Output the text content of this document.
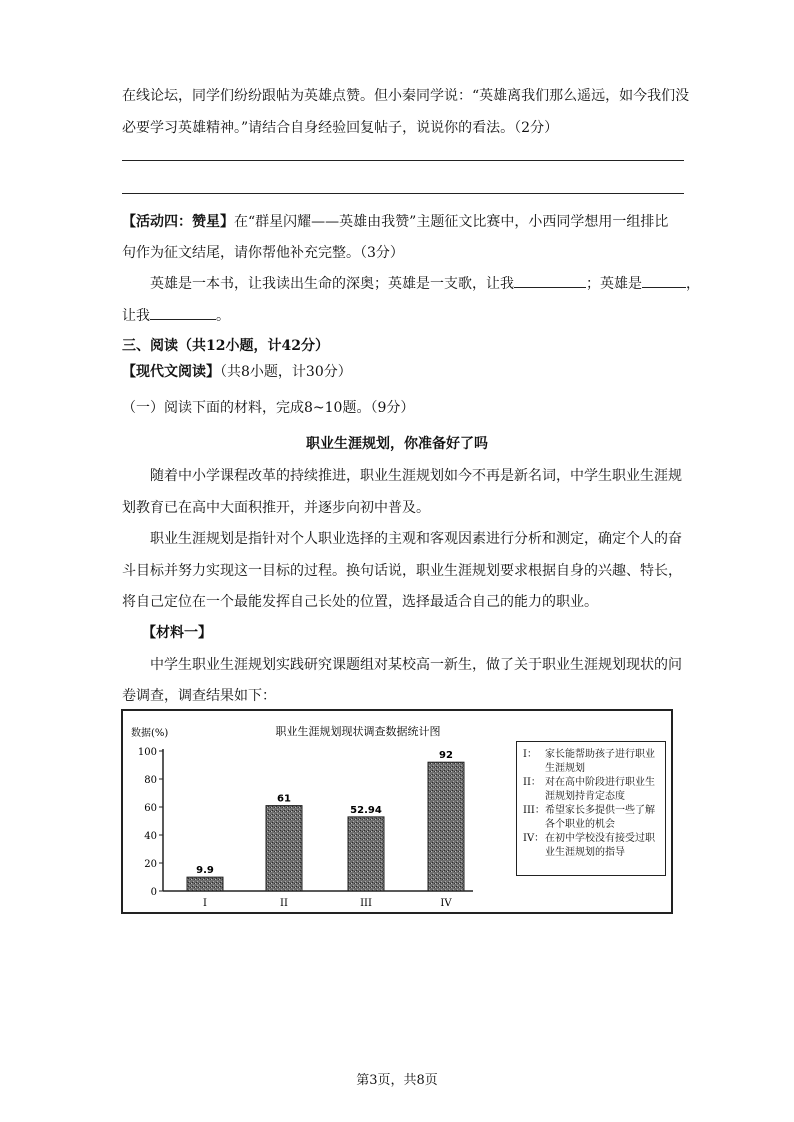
在线论坛，同学们纷纷跟帖为英雄点赞。但小秦同学说：“英雄离我们那么遥远，如今我们没
必要学习英雄精神。”请结合自身经验回复帖子，说说你的看法。（2分）
【活动四：赞星】在“群星闪耀——英雄由我赞”主题征文比赛中，小西同学想用一组排比
句作为征文结尾，请你帮他补充完整。（3分）
英雄是一本书，让我读出生命的深奥；英雄是一支歌，让我	；英雄是	，
让我	。
三、阅读（共12小题，计42分）
【现代文阅读】（共8小题，计30分）
（一）阅读下面的材料，完成8~10题。（9分）
职业生涯规划，你准备好了吗
随着中小学课程改革的持续推进，职业生涯规划如今不再是新名词，中学生职业生涯规
划教育已在高中大面积推开，并逐步向初中普及。
职业生涯规划是指针对个人职业选择的主观和客观因素进行分析和测定，确定个人的奋
斗目标并努力实现这一目标的过程。换句话说，职业生涯规划要求根据自身的兴趣、特长，
将自己定位在一个最能发挥自己长处的位置，选择最适合自己的能力的职业。
【材料一】
中学生职业生涯规划实践研究课题组对某校高一新生，做了关于职业生涯规划现状的问
卷调查，调查结果如下：
职业生涯规划现状调查数据统计图
数据(%)
0
20
40
60
80
100
9.9
I
61
II
52.94
III
92
IV
I： 家长能帮助孩子进行职业生涯规划
II： 对在高中阶段进行职业生涯规划持肯定态度
III： 希望家长多提供一些了解各个职业的机会
IV： 在初中学校没有接受过职业生涯规划的指导
第3页，共8页
